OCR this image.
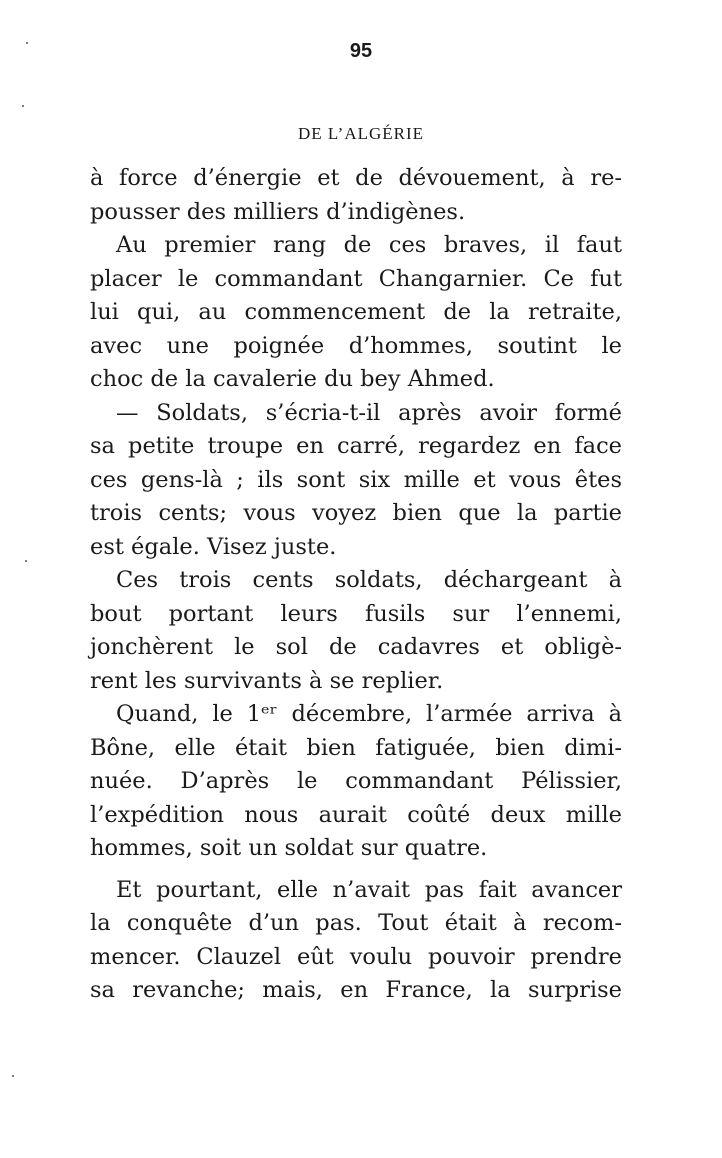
95
DE L’ALGÉRIE
à force d’énergie et de dévouement, à re-
pousser des milliers d’indigènes.
Au premier rang de ces braves, il faut
placer le commandant Changarnier. Ce fut
lui qui, au commencement de la retraite,
avec une poignée d’hommes, soutint le
choc de la cavalerie du bey Ahmed.
— Soldats, s’écria-t-il après avoir formé
sa petite troupe en carré, regardez en face
ces gens-là ; ils sont six mille et vous êtes
trois cents; vous voyez bien que la partie
est égale. Visez juste.
Ces trois cents soldats, déchargeant à
bout portant leurs fusils sur l’ennemi,
jonchèrent le sol de cadavres et obligè-
rent les survivants à se replier.
Quand, le 1ᵉʳ décembre, l’armée arriva à
Bône, elle était bien fatiguée, bien dimi-
nuée. D’après le commandant Pélissier,
l’expédition nous aurait coûté deux mille
hommes, soit un soldat sur quatre.
Et pourtant, elle n’avait pas fait avancer
la conquête d’un pas. Tout était à recom-
mencer. Clauzel eût voulu pouvoir prendre
sa revanche; mais, en France, la surprise
